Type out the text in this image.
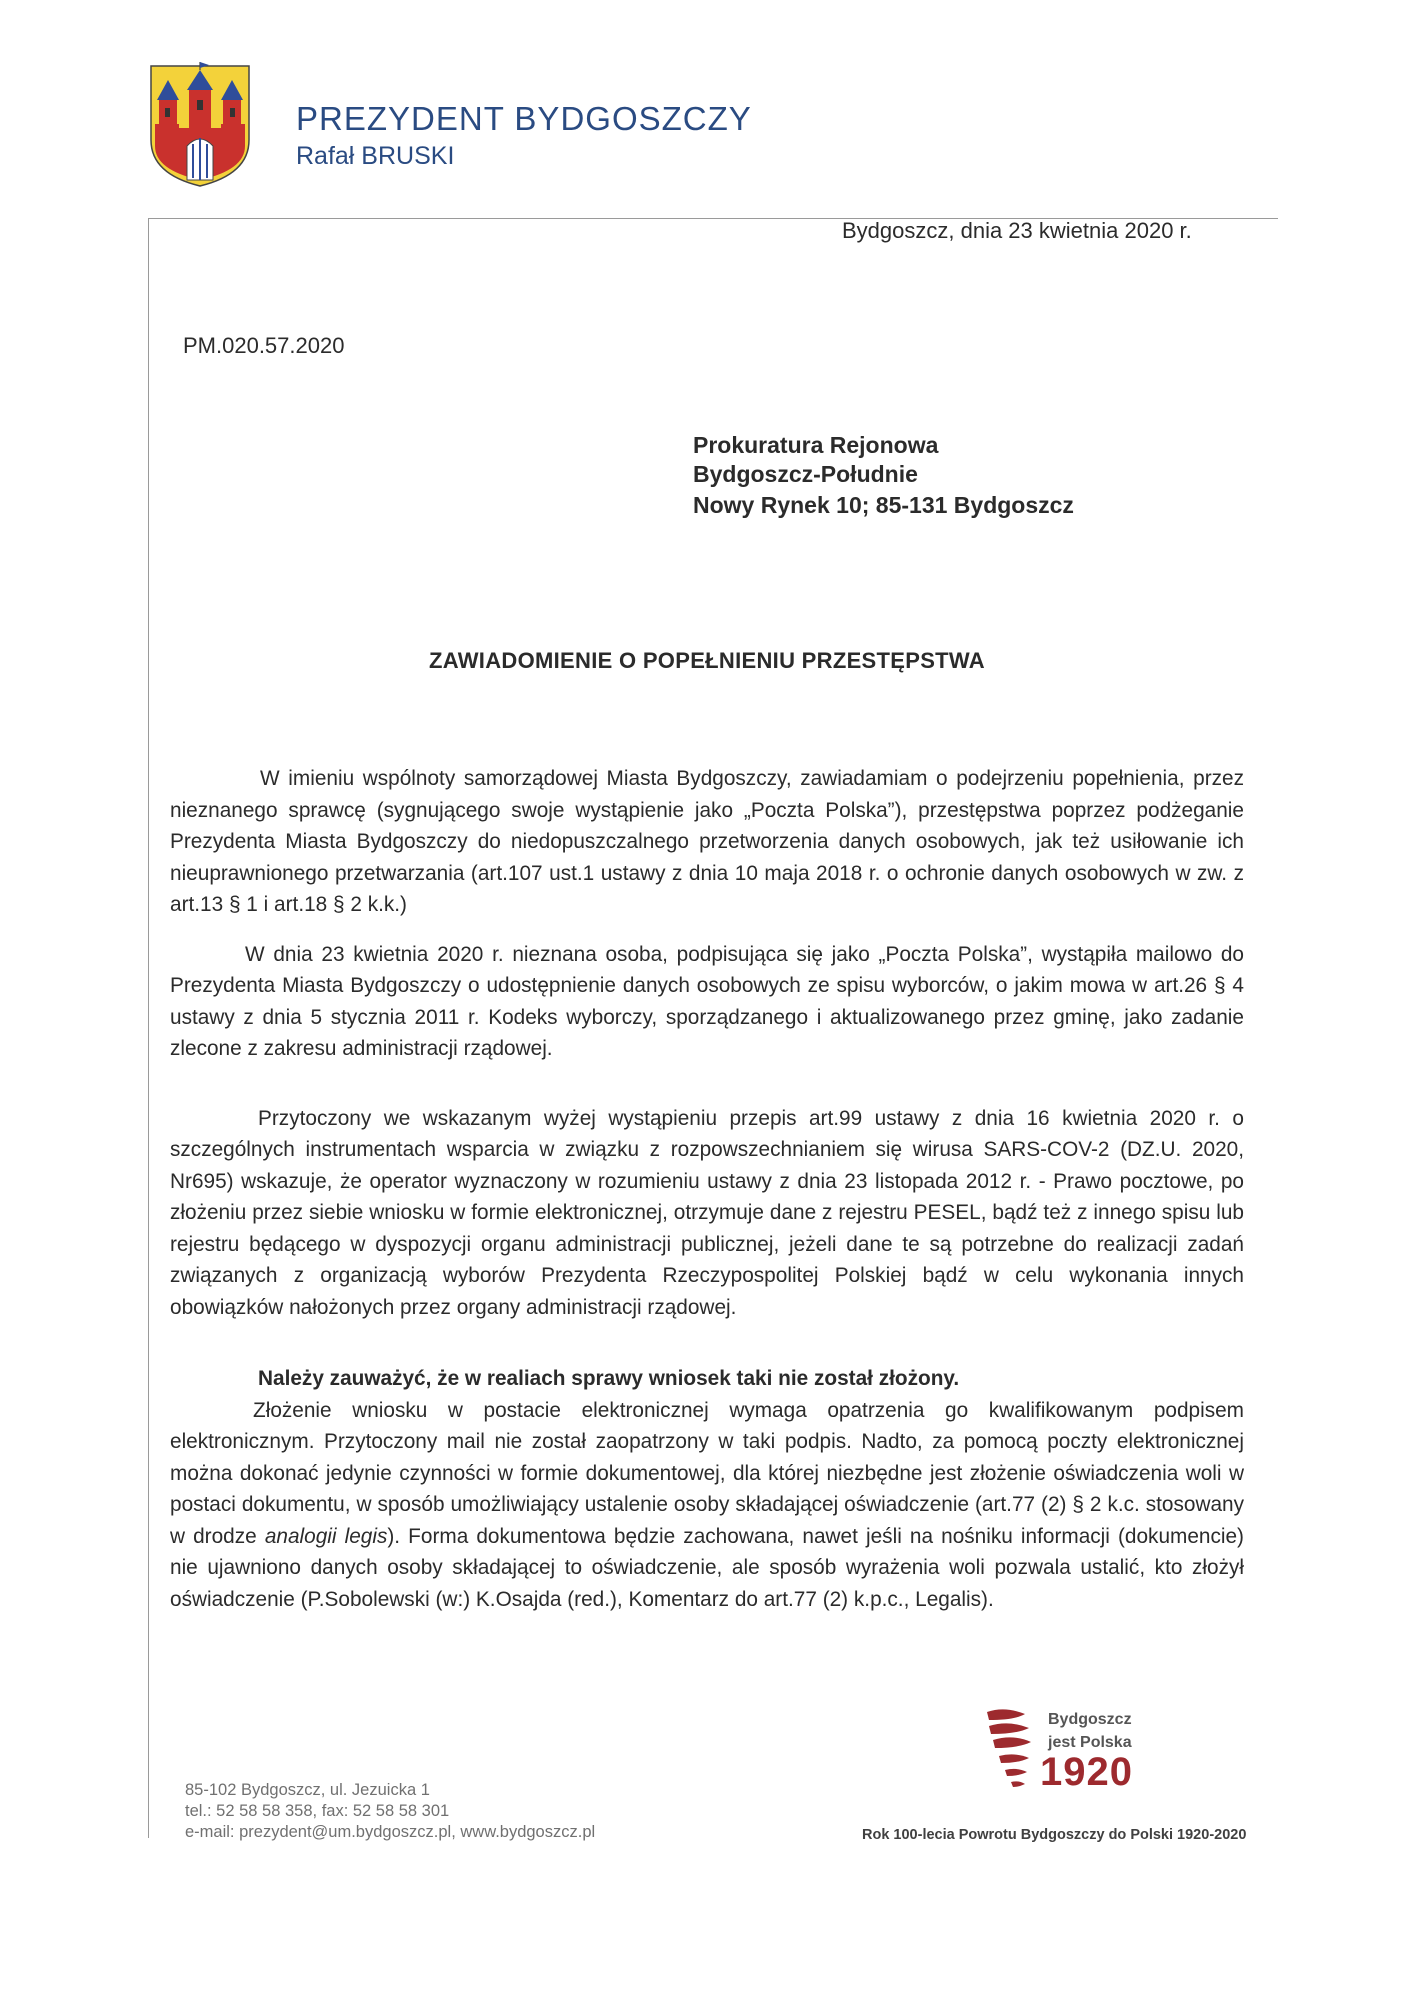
PREZYDENT BYDGOSZCZY
Rafał BRUSKI
Bydgoszcz, dnia 23 kwietnia 2020 r.
PM.020.57.2020
Prokuratura Rejonowa
Bydgoszcz-Południe
Nowy Rynek 10; 85-131 Bydgoszcz
ZAWIADOMIENIE O POPEŁNIENIU PRZESTĘPSTWA

W imieniu wspólnoty samorządowej Miasta Bydgoszczy, zawiadamiam o podejrzeniu popełnienia, przez nieznanego sprawcę (sygnującego swoje wystąpienie jako „Poczta Polska”), przestępstwa poprzez podżeganie Prezydenta Miasta Bydgoszczy do niedopuszczalnego przetworzenia danych osobowych, jak też usiłowanie ich nieuprawnionego przetwarzania (art.107 ust.1 ustawy z dnia 10 maja 2018 r. o ochronie danych osobowych w zw. z art.13 § 1 i art.18 § 2 k.k.)

W dnia 23 kwietnia 2020 r. nieznana osoba, podpisująca się jako „Poczta Polska”, wystąpiła mailowo do Prezydenta Miasta Bydgoszczy o udostępnienie danych osobowych ze spisu wyborców, o jakim mowa w art.26 § 4 ustawy z dnia 5 stycznia 2011 r. Kodeks wyborczy, sporządzanego i aktualizowanego przez gminę, jako zadanie zlecone z zakresu administracji rządowej.

Przytoczony we wskazanym wyżej wystąpieniu przepis art.99 ustawy z dnia 16 kwietnia 2020 r. o szczególnych instrumentach wsparcia w związku z rozpowszechnianiem się wirusa SARS-COV-2 (DZ.U. 2020, Nr695) wskazuje, że operator wyznaczony w rozumieniu ustawy z dnia 23 listopada 2012 r. - Prawo pocztowe, po złożeniu przez siebie wniosku w formie elektronicznej, otrzymuje dane z rejestru PESEL, bądź też z innego spisu lub rejestru będącego w dyspozycji organu administracji publicznej, jeżeli dane te są potrzebne do realizacji zadań związanych z organizacją wyborów Prezydenta Rzeczypospolitej Polskiej bądź w celu wykonania innych obowiązków nałożonych przez organy administracji rządowej.

Należy zauważyć, że w realiach sprawy wniosek taki nie został złożony.

Złożenie wniosku w postacie elektronicznej wymaga opatrzenia go kwalifikowanym podpisem elektronicznym. Przytoczony mail nie został zaopatrzony w taki podpis. Nadto, za pomocą poczty elektronicznej można dokonać jedynie czynności w formie dokumentowej, dla której niezbędne jest złożenie oświadczenia woli w postaci dokumentu, w sposób umożliwiający ustalenie osoby składającej oświadczenie (art.77 (2) § 2 k.c. stosowany w drodze analogii legis). Forma dokumentowa będzie zachowana, nawet jeśli na nośniku informacji (dokumencie) nie ujawniono danych osoby składającej to oświadczenie, ale sposób wyrażenia woli pozwala ustalić, kto złożył oświadczenie (P.Sobolewski (w:) K.Osajda (red.), Komentarz do art.77 (2) k.p.c., Legalis).

85-102 Bydgoszcz, ul. Jezuicka 1
tel.: 52 58 58 358, fax: 52 58 58 301
e-mail: prezydent@um.bydgoszcz.pl, www.bydgoszcz.pl
Bydgoszcz
jest Polska
1920
Rok 100-lecia Powrotu Bydgoszczy do Polski 1920-2020
